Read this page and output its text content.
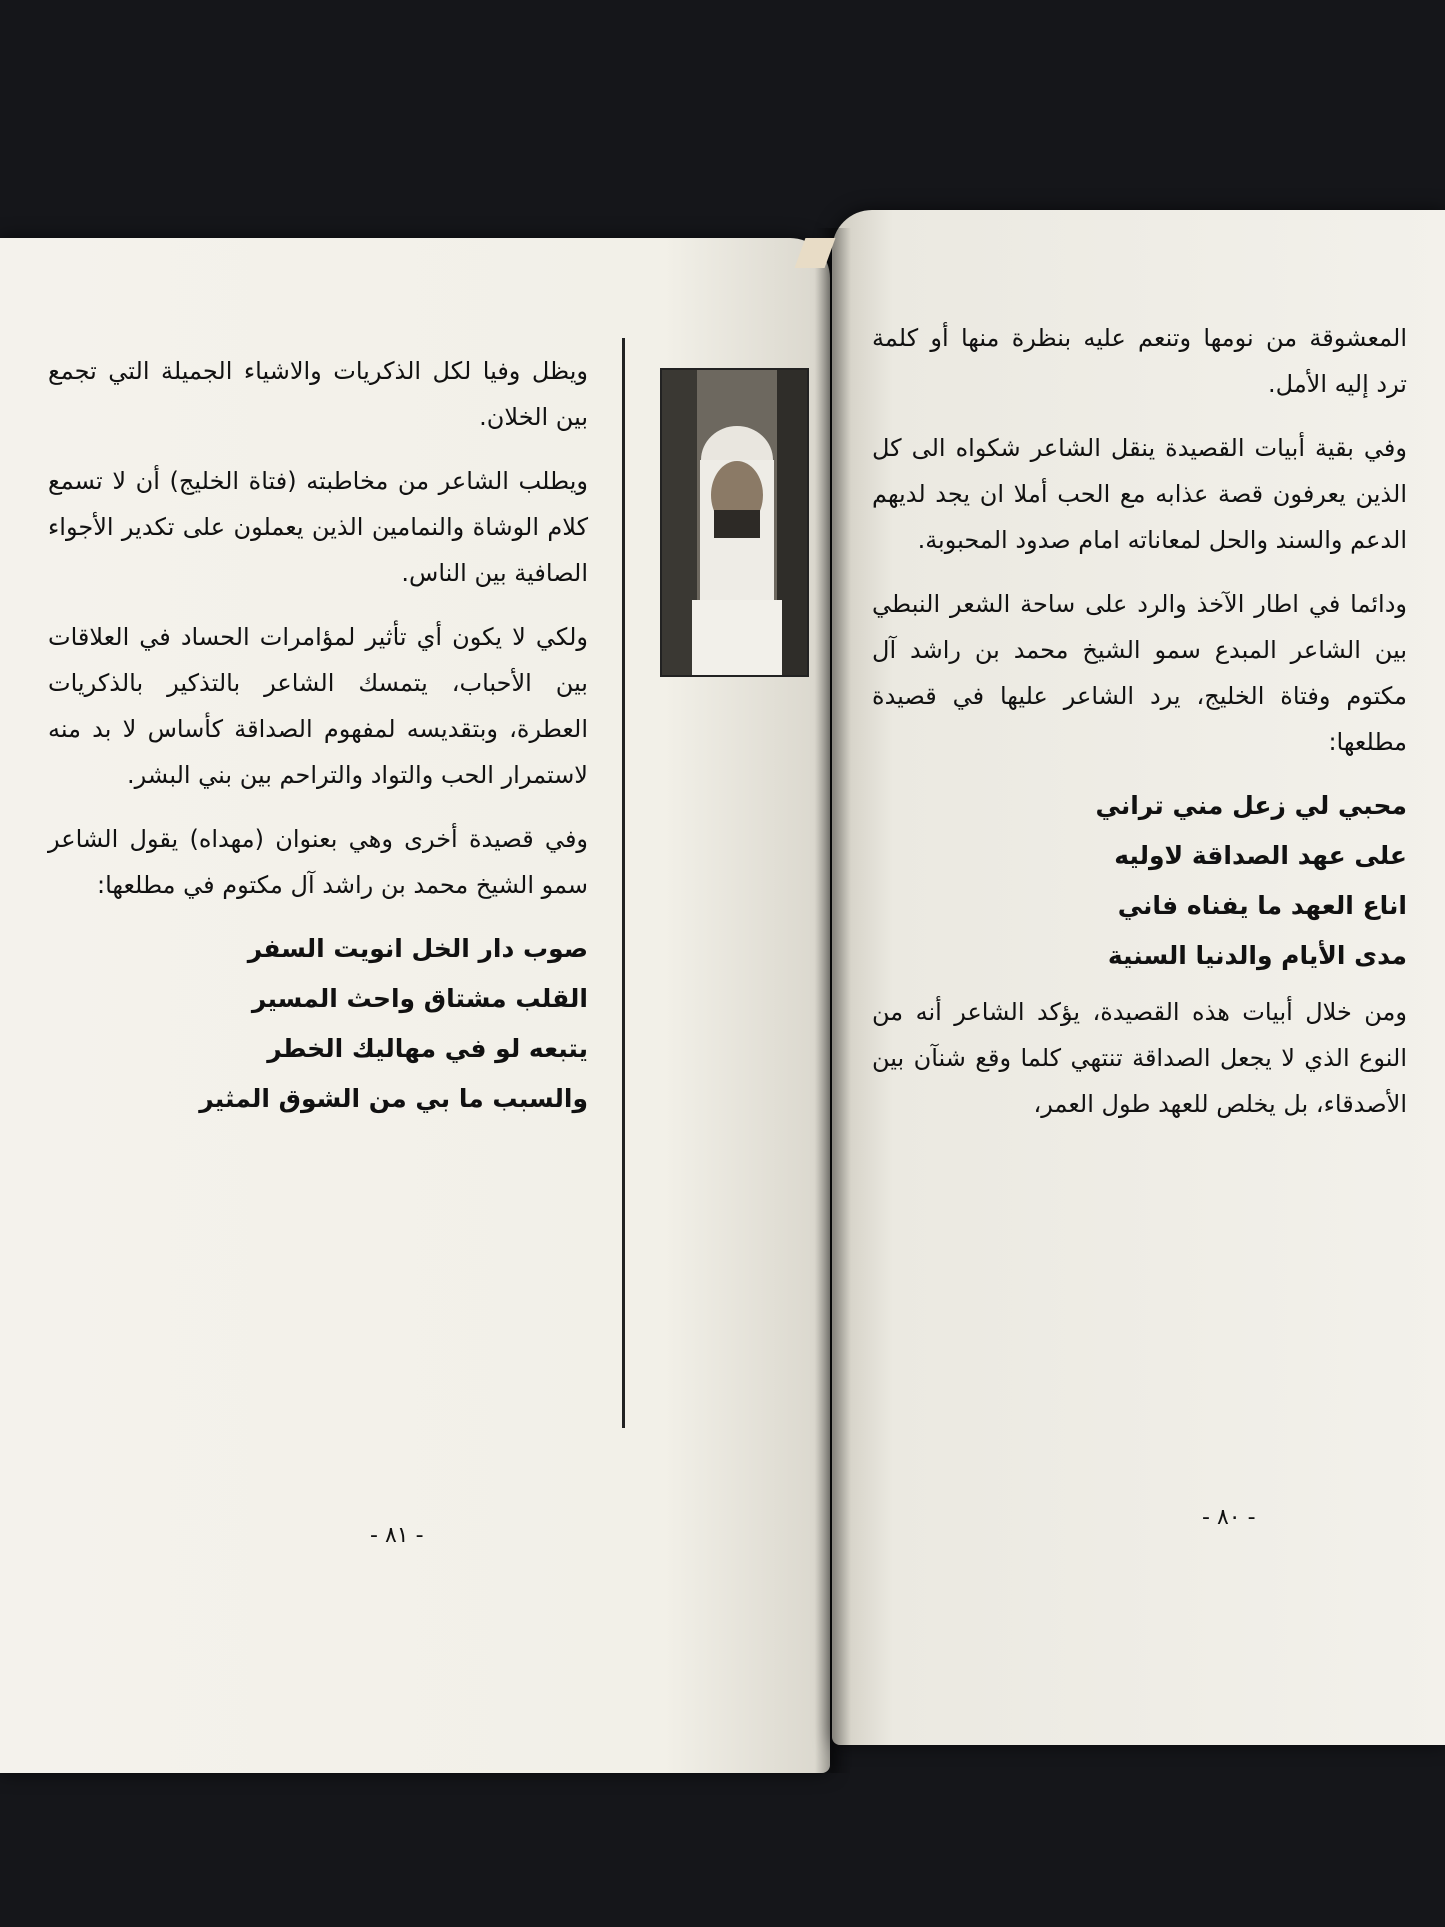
ويظل وفيا لكل الذكريات والاشياء الجميلة التي تجمع بين الخلان.

ويطلب الشاعر من مخاطبته (فتاة الخليج) أن لا تسمع كلام الوشاة والنمامين الذين يعملون على تكدير الأجواء الصافية بين الناس.

ولكي لا يكون أي تأثير لمؤامرات الحساد في العلاقات بين الأحباب، يتمسك الشاعر بالتذكير بالذكريات العطرة، وبتقديسه لمفهوم الصداقة كأساس لا بد منه لاستمرار الحب والتواد والتراحم بين بني البشر.

وفي قصيدة أخرى وهي بعنوان (مهداه) يقول الشاعر سمو الشيخ محمد بن راشد آل مكتوم في مطلعها:

صوب دار الخل انويت السفر
القلب مشتاق واحث المسير
يتبعه لو في مهاليك الخطر
والسبب ما بي من الشوق المثير
- ٨١ -

المعشوقة من نومها وتنعم عليه بنظرة منها أو كلمة ترد إليه الأمل.

وفي بقية أبيات القصيدة ينقل الشاعر شكواه الى كل الذين يعرفون قصة عذابه مع الحب أملا ان يجد لديهم الدعم والسند والحل لمعاناته امام صدود المحبوبة.

ودائما في اطار الآخذ والرد على ساحة الشعر النبطي بين الشاعر المبدع سمو الشيخ محمد بن راشد آل مكتوم وفتاة الخليج، يرد الشاعر عليها في قصيدة مطلعها:

محبي لي زعل مني تراني
على عهد الصداقة لاوليه
اناع العهد ما يفناه فاني
مدى الأيام والدنيا السنية

ومن خلال أبيات هذه القصيدة، يؤكد الشاعر أنه من النوع الذي لا يجعل الصداقة تنتهي كلما وقع شنآن بين الأصدقاء، بل يخلص للعهد طول العمر،

- ٨٠ -
